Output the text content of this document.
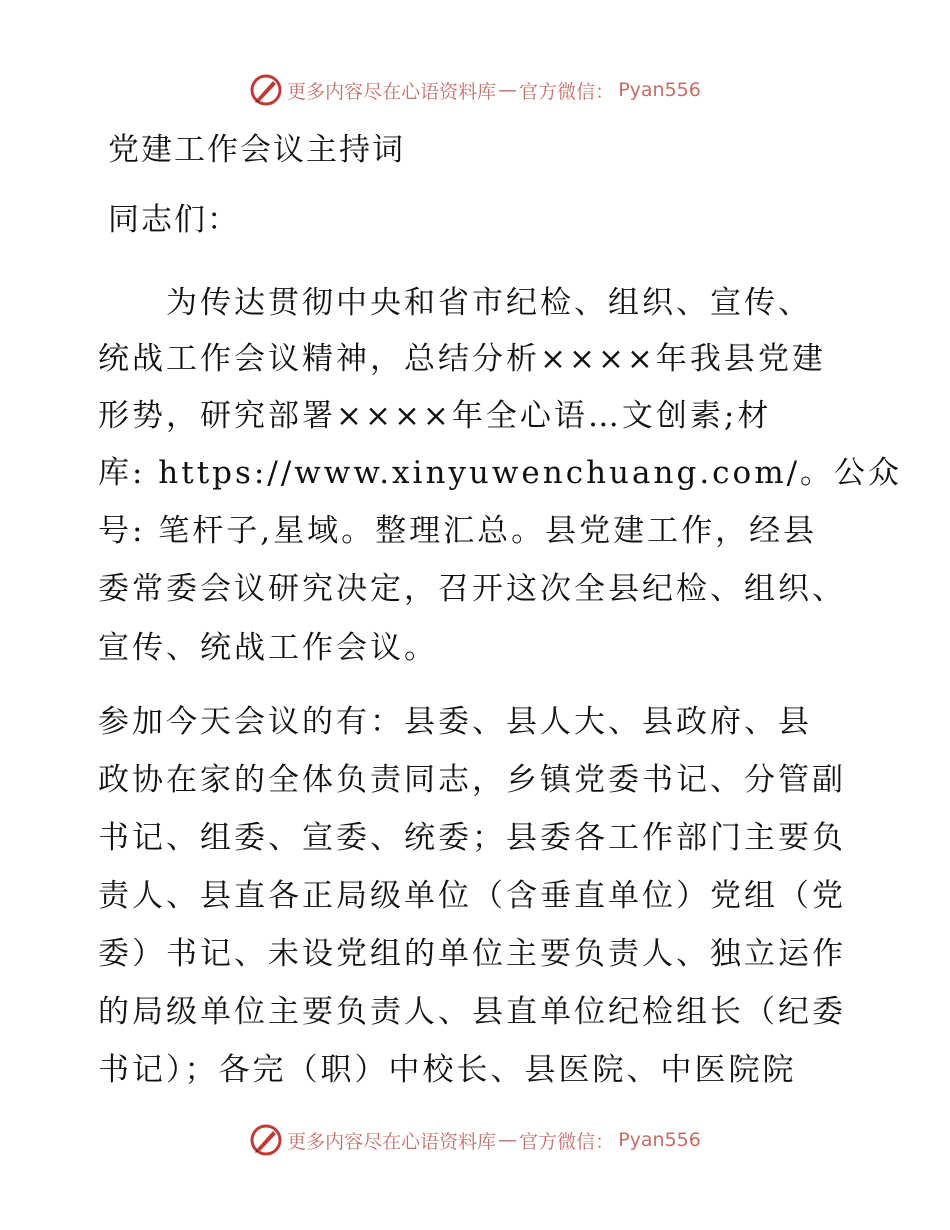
更多内容尽在心语资料库 — 官方微信： Pyan556
党建工作会议主持词
同志们：
　　为传达贯彻中央和省市纪检、组织、宣传、
统战工作会议精神，总结分析××××年我县党建
形势，研究部署××××年全心语…文创素;材
库: https://www.xinyuwenchuang.com/。公众
号: 笔杆子,星域。整理汇总。县党建工作，经县
委常委会议研究决定，召开这次全县纪检、组织、
宣传、统战工作会议。
参加今天会议的有：县委、县人大、县政府、县
政协在家的全体负责同志，乡镇党委书记、分管副
书记、组委、宣委、统委；县委各工作部门主要负
责人、县直各正局级单位（含垂直单位）党组（党
委）书记、未设党组的单位主要负责人、独立运作
的局级单位主要负责人、县直单位纪检组长（纪委
书记）；各完（职）中校长、县医院、中医院院
更多内容尽在心语资料库 — 官方微信： Pyan556
